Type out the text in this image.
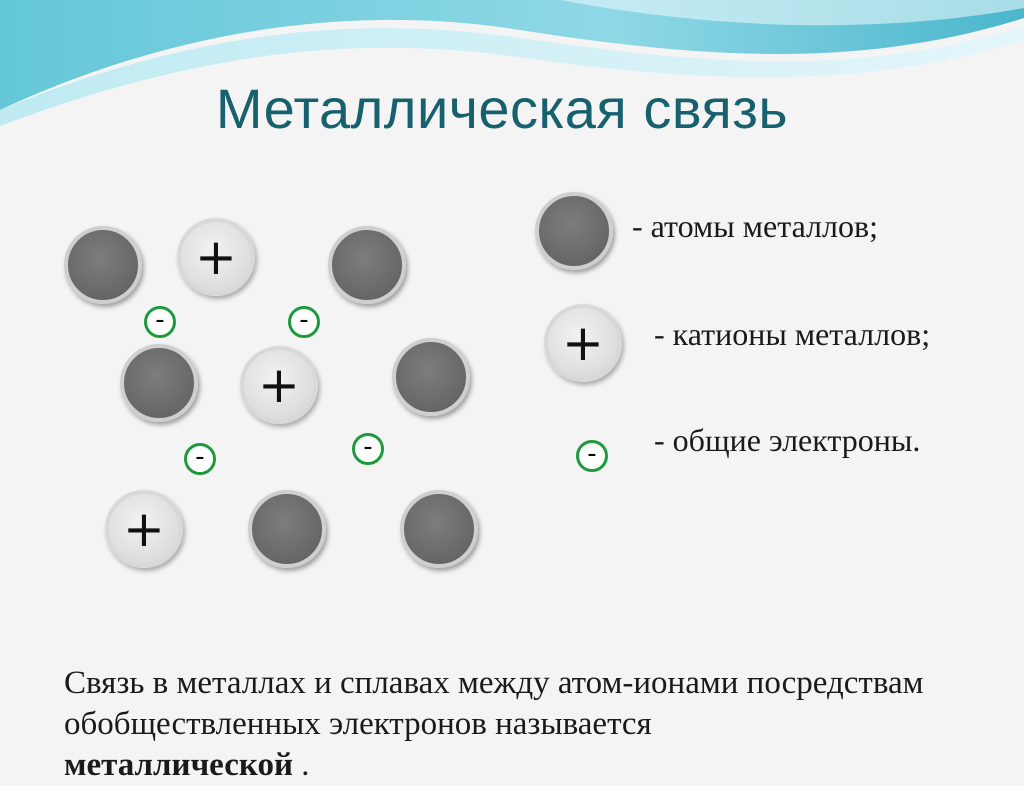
Металлическая связь
+
-	-
+
-	-
+
- атомы металлов;
+ - катионы металлов;
- - общие электроны.

Связь в металлах и сплавах между атом-ионами посредствам обобществленных электронов называется
металлической .
